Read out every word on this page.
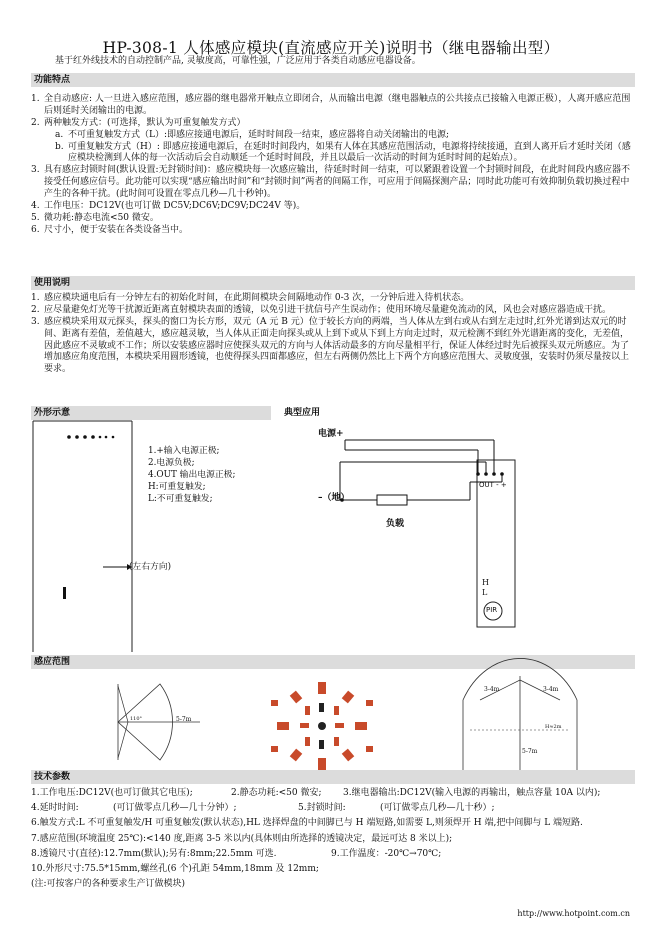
HP-308-1 人体感应模块(直流感应开关)说明书（继电器输出型）
基于红外线技术的自动控制产品, 灵敏度高，可靠性强，广泛应用于各类自动感应电器设备。
功能特点
1. 全自动感应: 人一旦进入感应范围，感应器的继电器常开触点立即闭合，从而输出电源（继电器触点的公共接点已接输入电源正极），人离开感应范围后则延时关闭输出的电源。
2. 两种触发方式：(可选择，默认为可重复触发方式）
a. 不可重复触发方式（L）:即感应接通电源后，延时时间段一结束，感应器将自动关闭输出的电源;
b. 可重复触发方式（H）: 即感应接通电源后，在延时时间段内，如果有人体在其感应范围活动，电源将持续接通，直到人离开后才延时关闭（感应模块检测到人体的每一次活动后会自动顺延一个延时时间段，并且以最后一次活动的时间为延时时间的起始点）。
3. 具有感应封锁时间(默认设置:无封锁时间)：感应模块每一次感应输出，待延时时间一结束，可以紧跟着设置一个封锁时间段，在此时间段内感应器不接受任何感应信号。此功能可以实现“感应输出时间”和“封锁时间”两者的间隔工作，可应用于间隔探测产品；同时此功能可有效抑制负载切换过程中产生的各种干扰。(此时间可设置在零点几秒—几十秒钟)。
4. 工作电压：DC12V(也可订做 DC5V;DC6V;DC9V;DC24V 等)。
5. 微功耗:静态电流<50 微安。
6. 尺寸小，便于安装在各类设备当中。
使用说明
1. 感应模块通电后有一分钟左右的初始化时间，在此期间模块会间隔地动作 0-3 次，一分钟后进入待机状态。
2. 应尽量避免灯光等干扰源近距离直射模块表面的透镜，以免引进干扰信号产生误动作；使用环境尽量避免流动的风，风也会对感应器造成干扰。
3. 感应模块采用双元探头，探头的窗口为长方形，双元（A 元 B 元）位于较长方向的两端，当人体从左到右或从右到左走过时,红外光谱到达双元的时间、距离有差值，差值越大，感应越灵敏，当人体从正面走向探头或从上到下或从下到上方向走过时，双元检测不到红外光谱距离的变化，无差值，因此感应不灵敏或不工作；所以安装感应器时应使探头双元的方向与人体活动最多的方向尽量相平行，保证人体经过时先后被探头双元所感应。为了增加感应角度范围，本模块采用圆形透镜，也使得探头四面都感应，但左右两侧仍然比上下两个方向感应范围大、灵敏度强，安装时仍须尽量按以上要求。
外形示意	典型应用
1.+输入电源正极;
2.电源负极;
4.OUT 输出电源正极;
H:可重复触发;
L:不可重复触发;
(左右方向)
电源+
–（地）
负载
OUT - +
H
L
PIR
感应范围
5-7m
110°
3-4m	3-4m
5-7m
H≈2m
技术参数
1.工作电压:DC12V(也可订做其它电压);	2.静态功耗:<50 微安; 3.继电器输出:DC12V(输入电源的再输出，触点容量 10A 以内);
4.延时时间:	(可订做零点几秒—几十分钟）;	5.封锁时间:	(可订做零点几秒—几十秒）;
6.触发方式:L 不可重复触发/H 可重复触发(默认状态),HL 选择焊盘的中间脚已与 H 端短路,如需要 L,则须焊开 H 端,把中间脚与 L 端短路.
7.感应范围(环境温度 25℃):<140 度,距离 3-5 米以内(具体则由所选择的透镜决定，最远可达 8 米以上);
8.透镜尺寸(直径):12.7mm(默认);另有:8mm;22.5mm 可选.	9.工作温度：-20℃→70℃;
10.外形尺寸:75.5*15mm,螺丝孔(6 个)孔距 54mm,18mm 及 12mm;
(注:可按客户的各种要求生产订做模块)
http://www.hotpoint.com.cn
